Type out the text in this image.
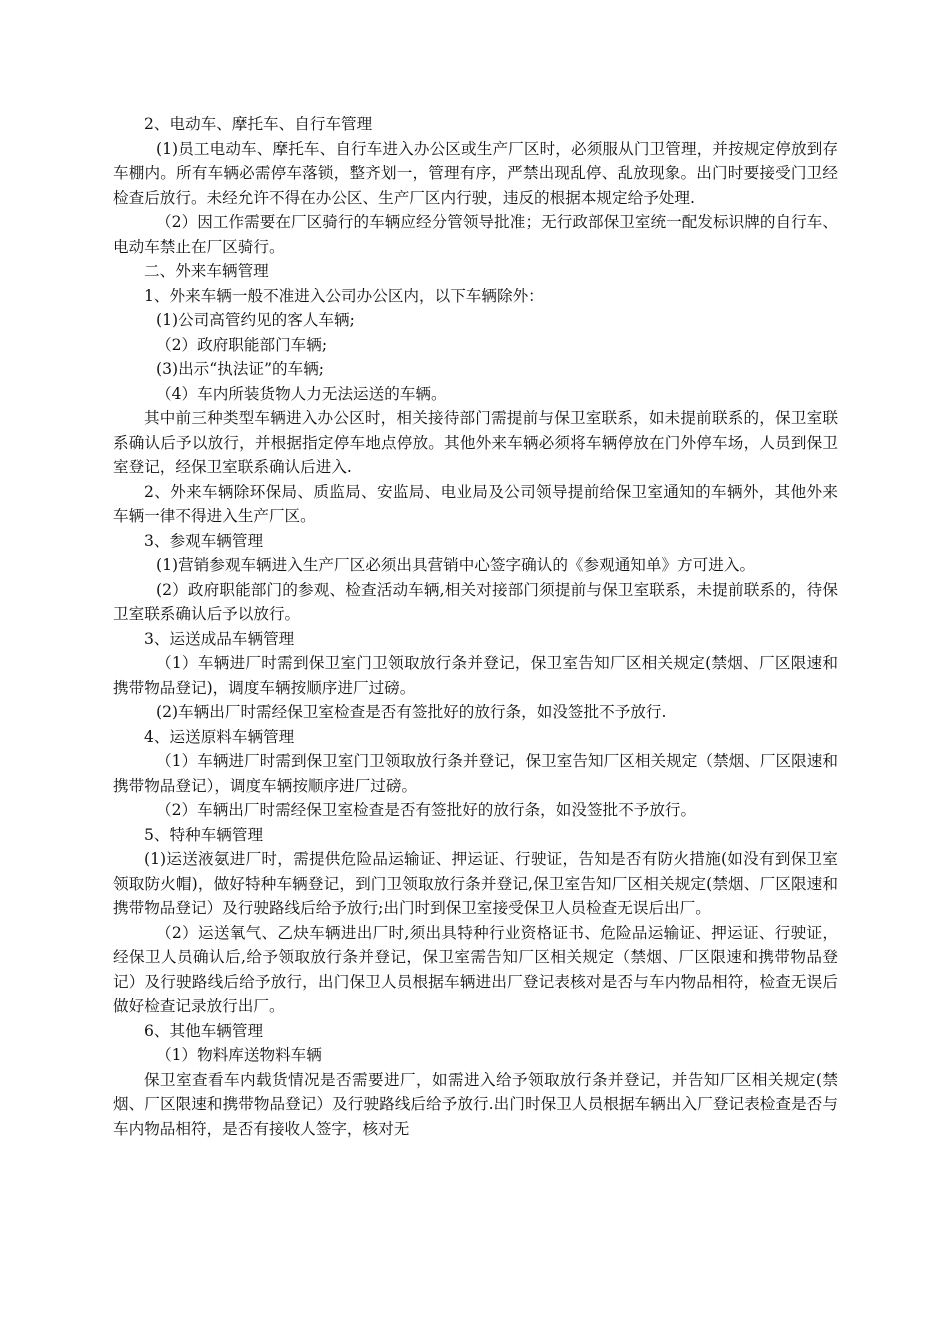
2、电动车、摩托车、自行车管理

(1)员工电动车、摩托车、自行车进入办公区或生产厂区时，必须服从门卫管理，并按规定停放到存车棚内。所有车辆必需停车落锁，整齐划一，管理有序，严禁出现乱停、乱放现象。出门时要接受门卫经检查后放行。未经允许不得在办公区、生产厂区内行驶，违反的根据本规定给予处理.

（2）因工作需要在厂区骑行的车辆应经分管领导批准；无行政部保卫室统一配发标识牌的自行车、电动车禁止在厂区骑行。

二、外来车辆管理

1、外来车辆一般不准进入公司办公区内，以下车辆除外：

(1)公司高管约见的客人车辆;

（2）政府职能部门车辆;

(3)出示“执法证”的车辆;

（4）车内所装货物人力无法运送的车辆。

其中前三种类型车辆进入办公区时，相关接待部门需提前与保卫室联系，如未提前联系的，保卫室联系确认后予以放行，并根据指定停车地点停放。其他外来车辆必须将车辆停放在门外停车场，人员到保卫室登记，经保卫室联系确认后进入.

2、外来车辆除环保局、质监局、安监局、电业局及公司领导提前给保卫室通知的车辆外，其他外来车辆一律不得进入生产厂区。

3、参观车辆管理

(1)营销参观车辆进入生产厂区必须出具营销中心签字确认的《参观通知单》方可进入。

(2）政府职能部门的参观、检查活动车辆,相关对接部门须提前与保卫室联系，未提前联系的，待保卫室联系确认后予以放行。

3、运送成品车辆管理

（1）车辆进厂时需到保卫室门卫领取放行条并登记，保卫室告知厂区相关规定(禁烟、厂区限速和携带物品登记)，调度车辆按顺序进厂过磅。

(2)车辆出厂时需经保卫室检查是否有签批好的放行条，如没签批不予放行.

4、运送原料车辆管理

（1）车辆进厂时需到保卫室门卫领取放行条并登记，保卫室告知厂区相关规定（禁烟、厂区限速和携带物品登记），调度车辆按顺序进厂过磅。

（2）车辆出厂时需经保卫室检查是否有签批好的放行条，如没签批不予放行。

5、特种车辆管理

(1)运送液氨进厂时，需提供危险品运输证、押运证、行驶证，告知是否有防火措施(如没有到保卫室领取防火帽)，做好特种车辆登记，到门卫领取放行条并登记,保卫室告知厂区相关规定(禁烟、厂区限速和携带物品登记）及行驶路线后给予放行;出门时到保卫室接受保卫人员检查无误后出厂。

（2）运送氧气、乙炔车辆进出厂时,须出具特种行业资格证书、危险品运输证、押运证、行驶证，经保卫人员确认后,给予领取放行条并登记，保卫室需告知厂区相关规定（禁烟、厂区限速和携带物品登记）及行驶路线后给予放行，出门保卫人员根据车辆进出厂登记表核对是否与车内物品相符，检查无误后做好检查记录放行出厂。

6、其他车辆管理

（1）物料库送物料车辆

保卫室查看车内载货情况是否需要进厂，如需进入给予领取放行条并登记，并告知厂区相关规定(禁烟、厂区限速和携带物品登记）及行驶路线后给予放行.出门时保卫人员根据车辆出入厂登记表检查是否与车内物品相符，是否有接收人签字，核对无
